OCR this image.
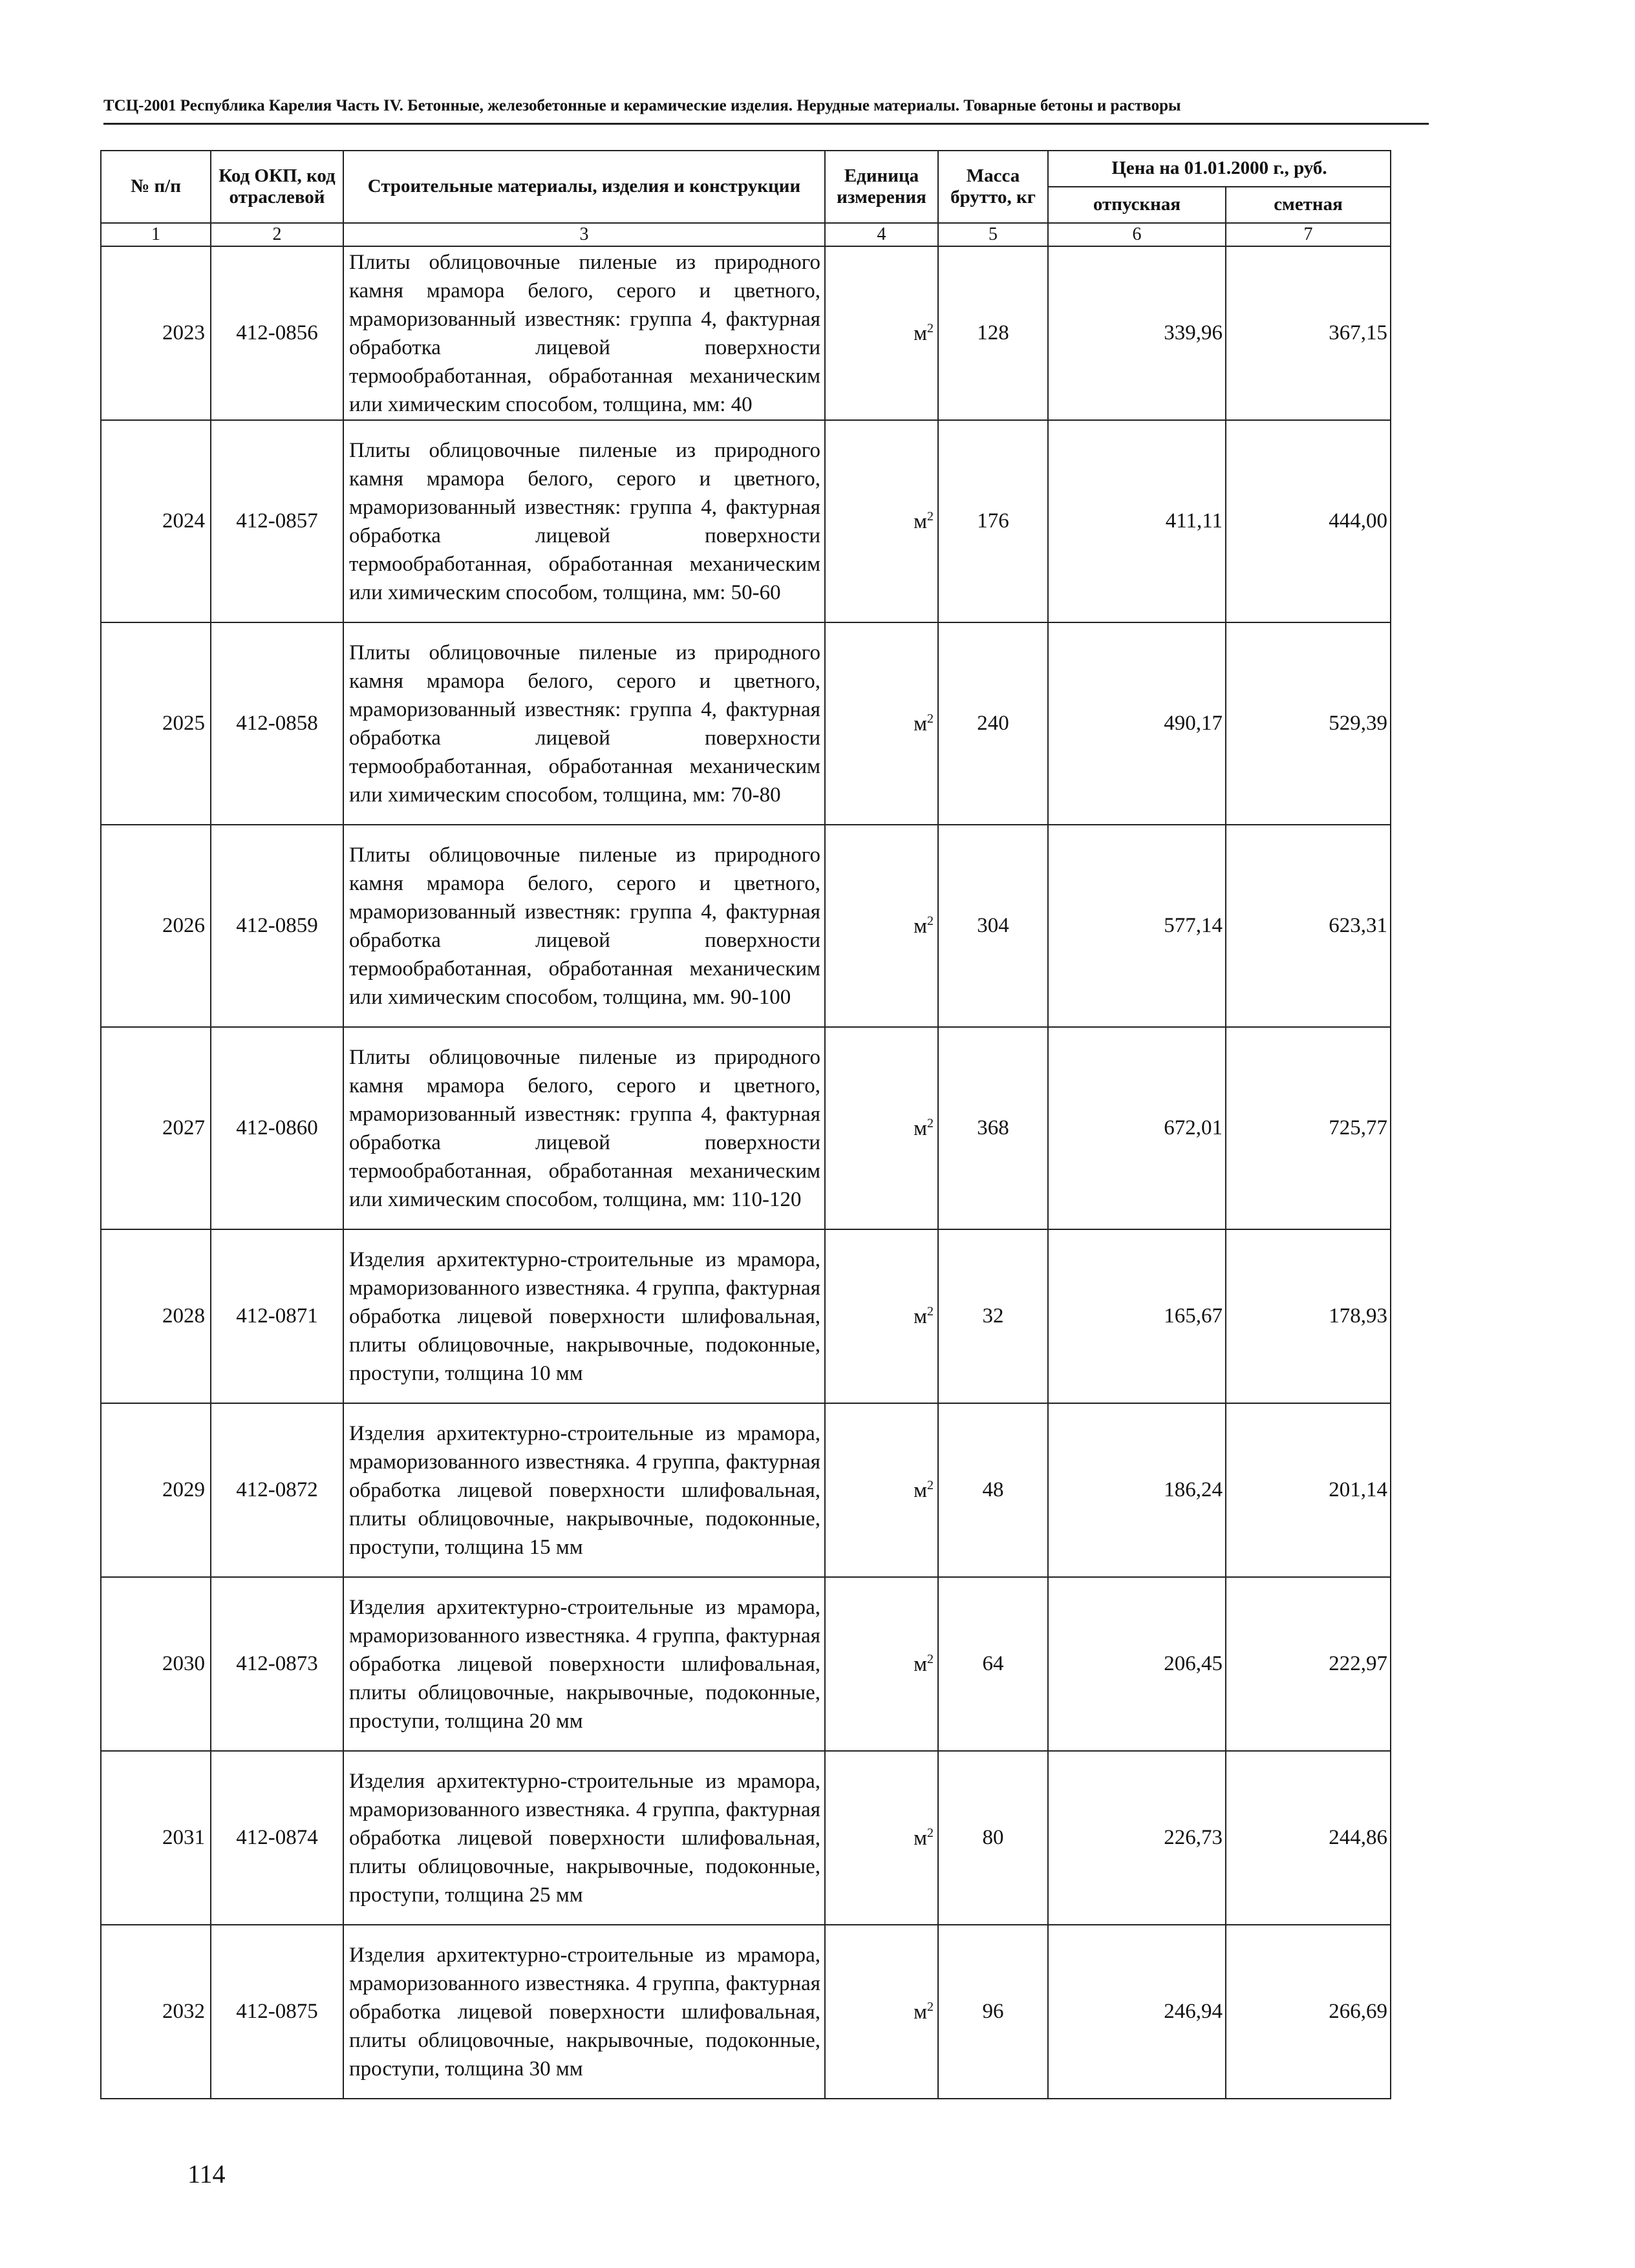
ТСЦ-2001 Республика Карелия Часть IV. Бетонные, железобетонные и керамические изделия. Нерудные материалы. Товарные бетоны и растворы
№ п/п	Код ОКП, код отраслевой	Строительные материалы, изделия и конструкции	Единица измерения	Масса брутто, кг	Цена на 01.01.2000 г., руб.	
					отпускная	сметная
1	2	3	4	5	6	7
2023	412-0856	Плиты облицовочные пиленые из природного камня мрамора белого, серого и цветного, мраморизованный известняк: группа 4, фактурная обработка лицевой поверхности термообработанная, обработанная механическим или химическим способом, толщина, мм: 40	$м^2$	128	339,96	367,15
2024	412-0857	Плиты облицовочные пиленые из природного камня мрамора белого, серого и цветного, мраморизованный известняк: группа 4, фактурная обработка лицевой поверхности термообработанная, обработанная механическим или химическим способом, толщина, мм: 50-60	$м^2$	176	411,11	444,00
2025	412-0858	Плиты облицовочные пиленые из природного камня мрамора белого, серого и цветного, мраморизованный известняк: группа 4, фактурная обработка лицевой поверхности термообработанная, обработанная механическим или химическим способом, толщина, мм: 70-80	$м^2$	240	490,17	529,39
2026	412-0859	Плиты облицовочные пиленые из природного камня мрамора белого, серого и цветного, мраморизованный известняк: группа 4, фактурная обработка лицевой поверхности термообработанная, обработанная механическим или химическим способом, толщина, мм. 90-100	$м^2$	304	577,14	623,31
2027	412-0860	Плиты облицовочные пиленые из природного камня мрамора белого, серого и цветного, мраморизованный известняк: группа 4, фактурная обработка лицевой поверхности термообработанная, обработанная механическим или химическим способом, толщина, мм: 110-120	$м^2$	368	672,01	725,77
2028	412-0871	Изделия архитектурно-строительные из мрамора, мраморизованного известняка. 4 группа, фактурная обработка лицевой поверхности шлифовальная, плиты облицовочные, накрывочные, подоконные, проступи, толщина 10 мм	$м^2$	32	165,67	178,93
2029	412-0872	Изделия архитектурно-строительные из мрамора, мраморизованного известняка. 4 группа, фактурная обработка лицевой поверхности шлифовальная, плиты облицовочные, накрывочные, подоконные, проступи, толщина 15 мм	$м^2$	48	186,24	201,14
2030	412-0873	Изделия архитектурно-строительные из мрамора, мраморизованного известняка. 4 группа, фактурная обработка лицевой поверхности шлифовальная, плиты облицовочные, накрывочные, подоконные, проступи, толщина 20 мм	$м^2$	64	206,45	222,97
2031	412-0874	Изделия архитектурно-строительные из мрамора, мраморизованного известняка. 4 группа, фактурная обработка лицевой поверхности шлифовальная, плиты облицовочные, накрывочные, подоконные, проступи, толщина 25 мм	$м^2$	80	226,73	244,86
2032	412-0875	Изделия архитектурно-строительные из мрамора, мраморизованного известняка. 4 группа, фактурная обработка лицевой поверхности шлифовальная, плиты облицовочные, накрывочные, подоконные, проступи, толщина 30 мм	$м^2$	96	246,94	266,69
114
